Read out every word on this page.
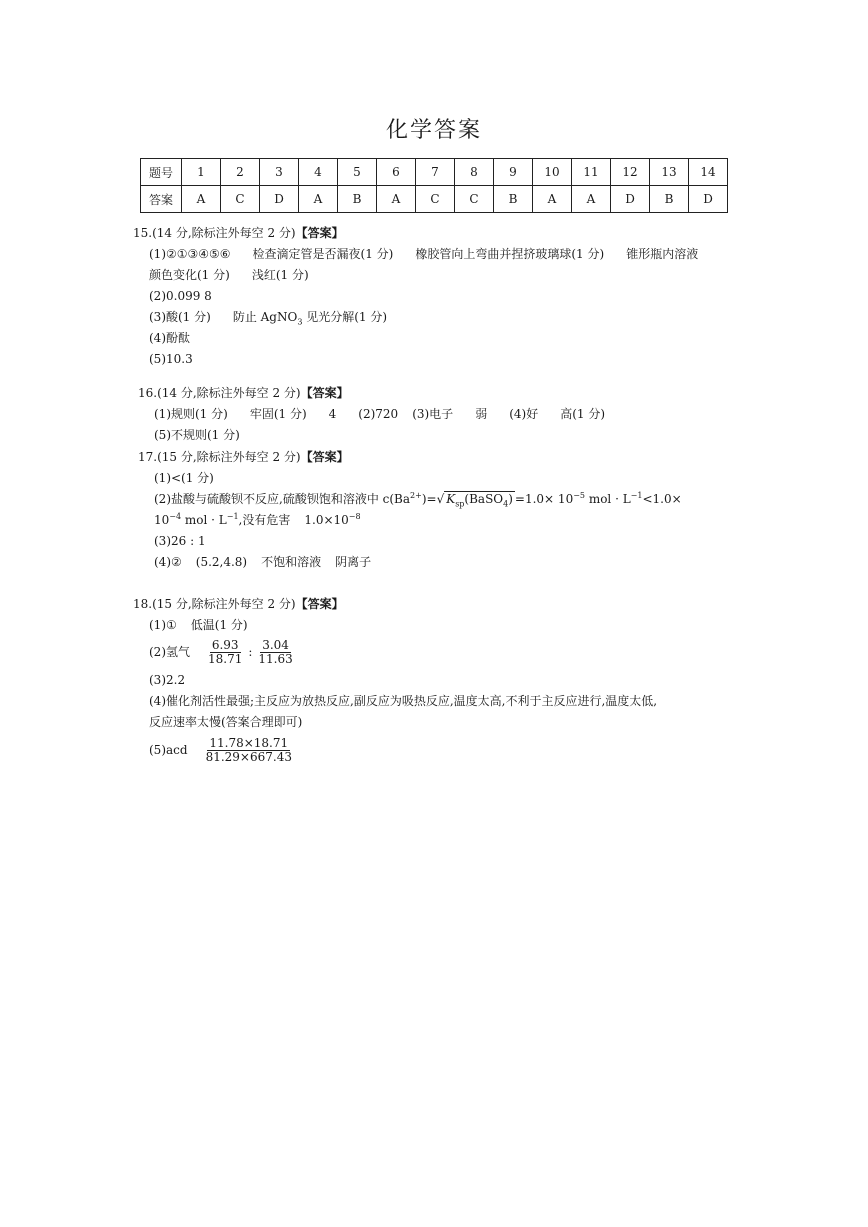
化学答案
题号	1	2	3	4	5	6	7	8	9	10	11	12	13	14
答案	A	C	D	A	B	A	C	C	B	A	A	D	B	D
15.(14 分,除标注外每空 2 分)【答案】
(1)②①③④⑤⑥ 检查滴定管是否漏夜(1 分) 橡胶管向上弯曲并捏挤玻璃球(1 分) 锥形瓶内溶液
颜色变化(1 分) 浅红(1 分)
(2)0.099 8
(3)酸(1 分) 防止 AgNO$_3$ 见光分解(1 分)
(4)酚酞
(5)10.3
16.(14 分,除标注外每空 2 分)【答案】
(1)规则(1 分) 牢固(1 分) 4 (2)720 (3)电子 弱 (4)好 高(1 分)
(5)不规则(1 分)
17.(15 分,除标注外每空 2 分)【答案】
(1)<(1 分)
(2)盐酸与硫酸钡不反应,硫酸钡饱和溶液中 $c(Ba^{2+})=√$ $K_{sp}(BaSO_4) =1.0\times 10^{-5}$ mol · $L^{-1}<1.0\times$
$10^{-4}$ mol · $L^{-1}$,没有危害 $1.0\times 10^{-8}$
(3)26 : 1
(4)② (5.2,4.8) 不饱和溶液 阴离子
18.(15 分,除标注外每空 2 分)【答案】
(1)① 低温(1 分)
(2)氢气 $\frac{6.93}{18.71}$ : $\frac{3.04}{11.63}$
(3)2.2
(4)催化剂活性最强;主反应为放热反应,副反应为吸热反应,温度太高,不利于主反应进行,温度太低,
反应速率太慢(答案合理即可)
$(5)acd \frac{11.78\times 18.71}{81.29\times 667.43}$
